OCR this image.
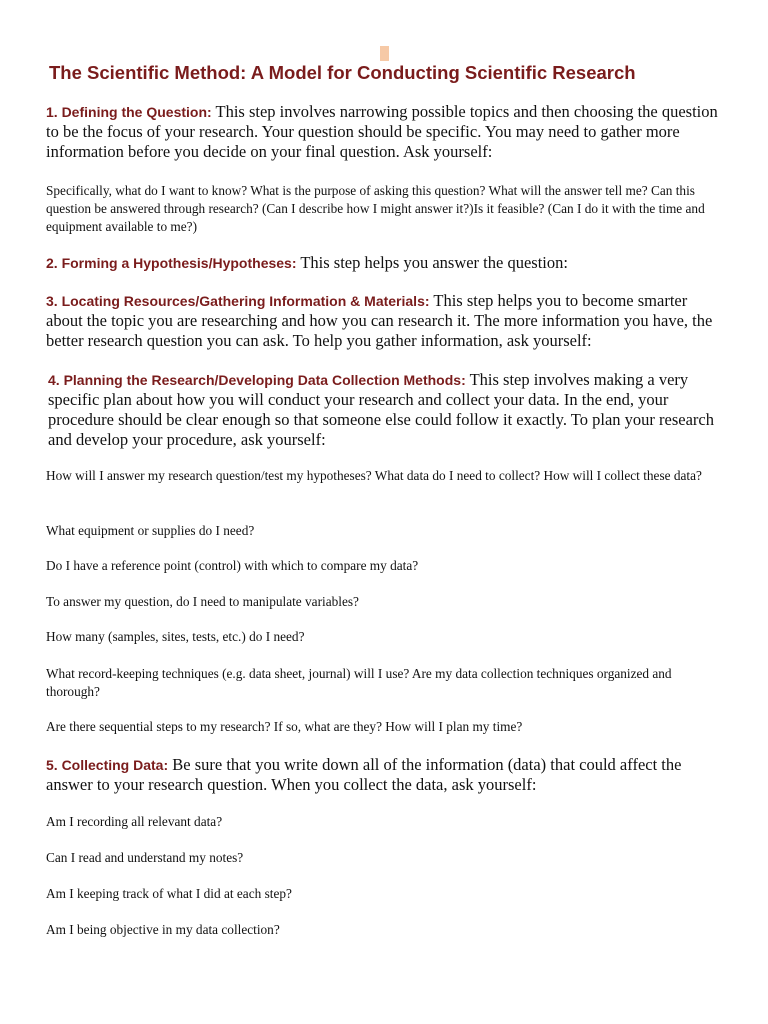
The Scientific Method: A Model for Conducting Scientific Research

1. Defining the Question: This step involves narrowing possible topics and then choosing the question to be the focus of your research. Your question should be specific. You may need to gather more information before you decide on your final question. Ask yourself:

Specifically, what do I want to know? What is the purpose of asking this question? What will the answer tell me? Can this question be answered through research? (Can I describe how I might answer it?)Is it feasible? (Can I do it with the time and equipment available to me?)

2. Forming a Hypothesis/Hypotheses: This step helps you answer the question:

3. Locating Resources/Gathering Information & Materials: This step helps you to become smarter about the topic you are researching and how you can research it. The more information you have, the better research question you can ask. To help you gather information, ask yourself:

4. Planning the Research/Developing Data Collection Methods: This step involves making a very specific plan about how you will conduct your research and collect your data. In the end, your procedure should be clear enough so that someone else could follow it exactly. To plan your research and develop your procedure, ask yourself:

How will I answer my research question/test my hypotheses? What data do I need to collect? How will I collect these data?

What equipment or supplies do I need?

Do I have a reference point (control) with which to compare my data?

To answer my question, do I need to manipulate variables?

How many (samples, sites, tests, etc.) do I need?

What record-keeping techniques (e.g. data sheet, journal) will I use? Are my data collection techniques organized and thorough?

Are there sequential steps to my research? If so, what are they? How will I plan my time?

5. Collecting Data: Be sure that you write down all of the information (data) that could affect the answer to your research question. When you collect the data, ask yourself:

Am I recording all relevant data?

Can I read and understand my notes?

Am I keeping track of what I did at each step?

Am I being objective in my data collection?
